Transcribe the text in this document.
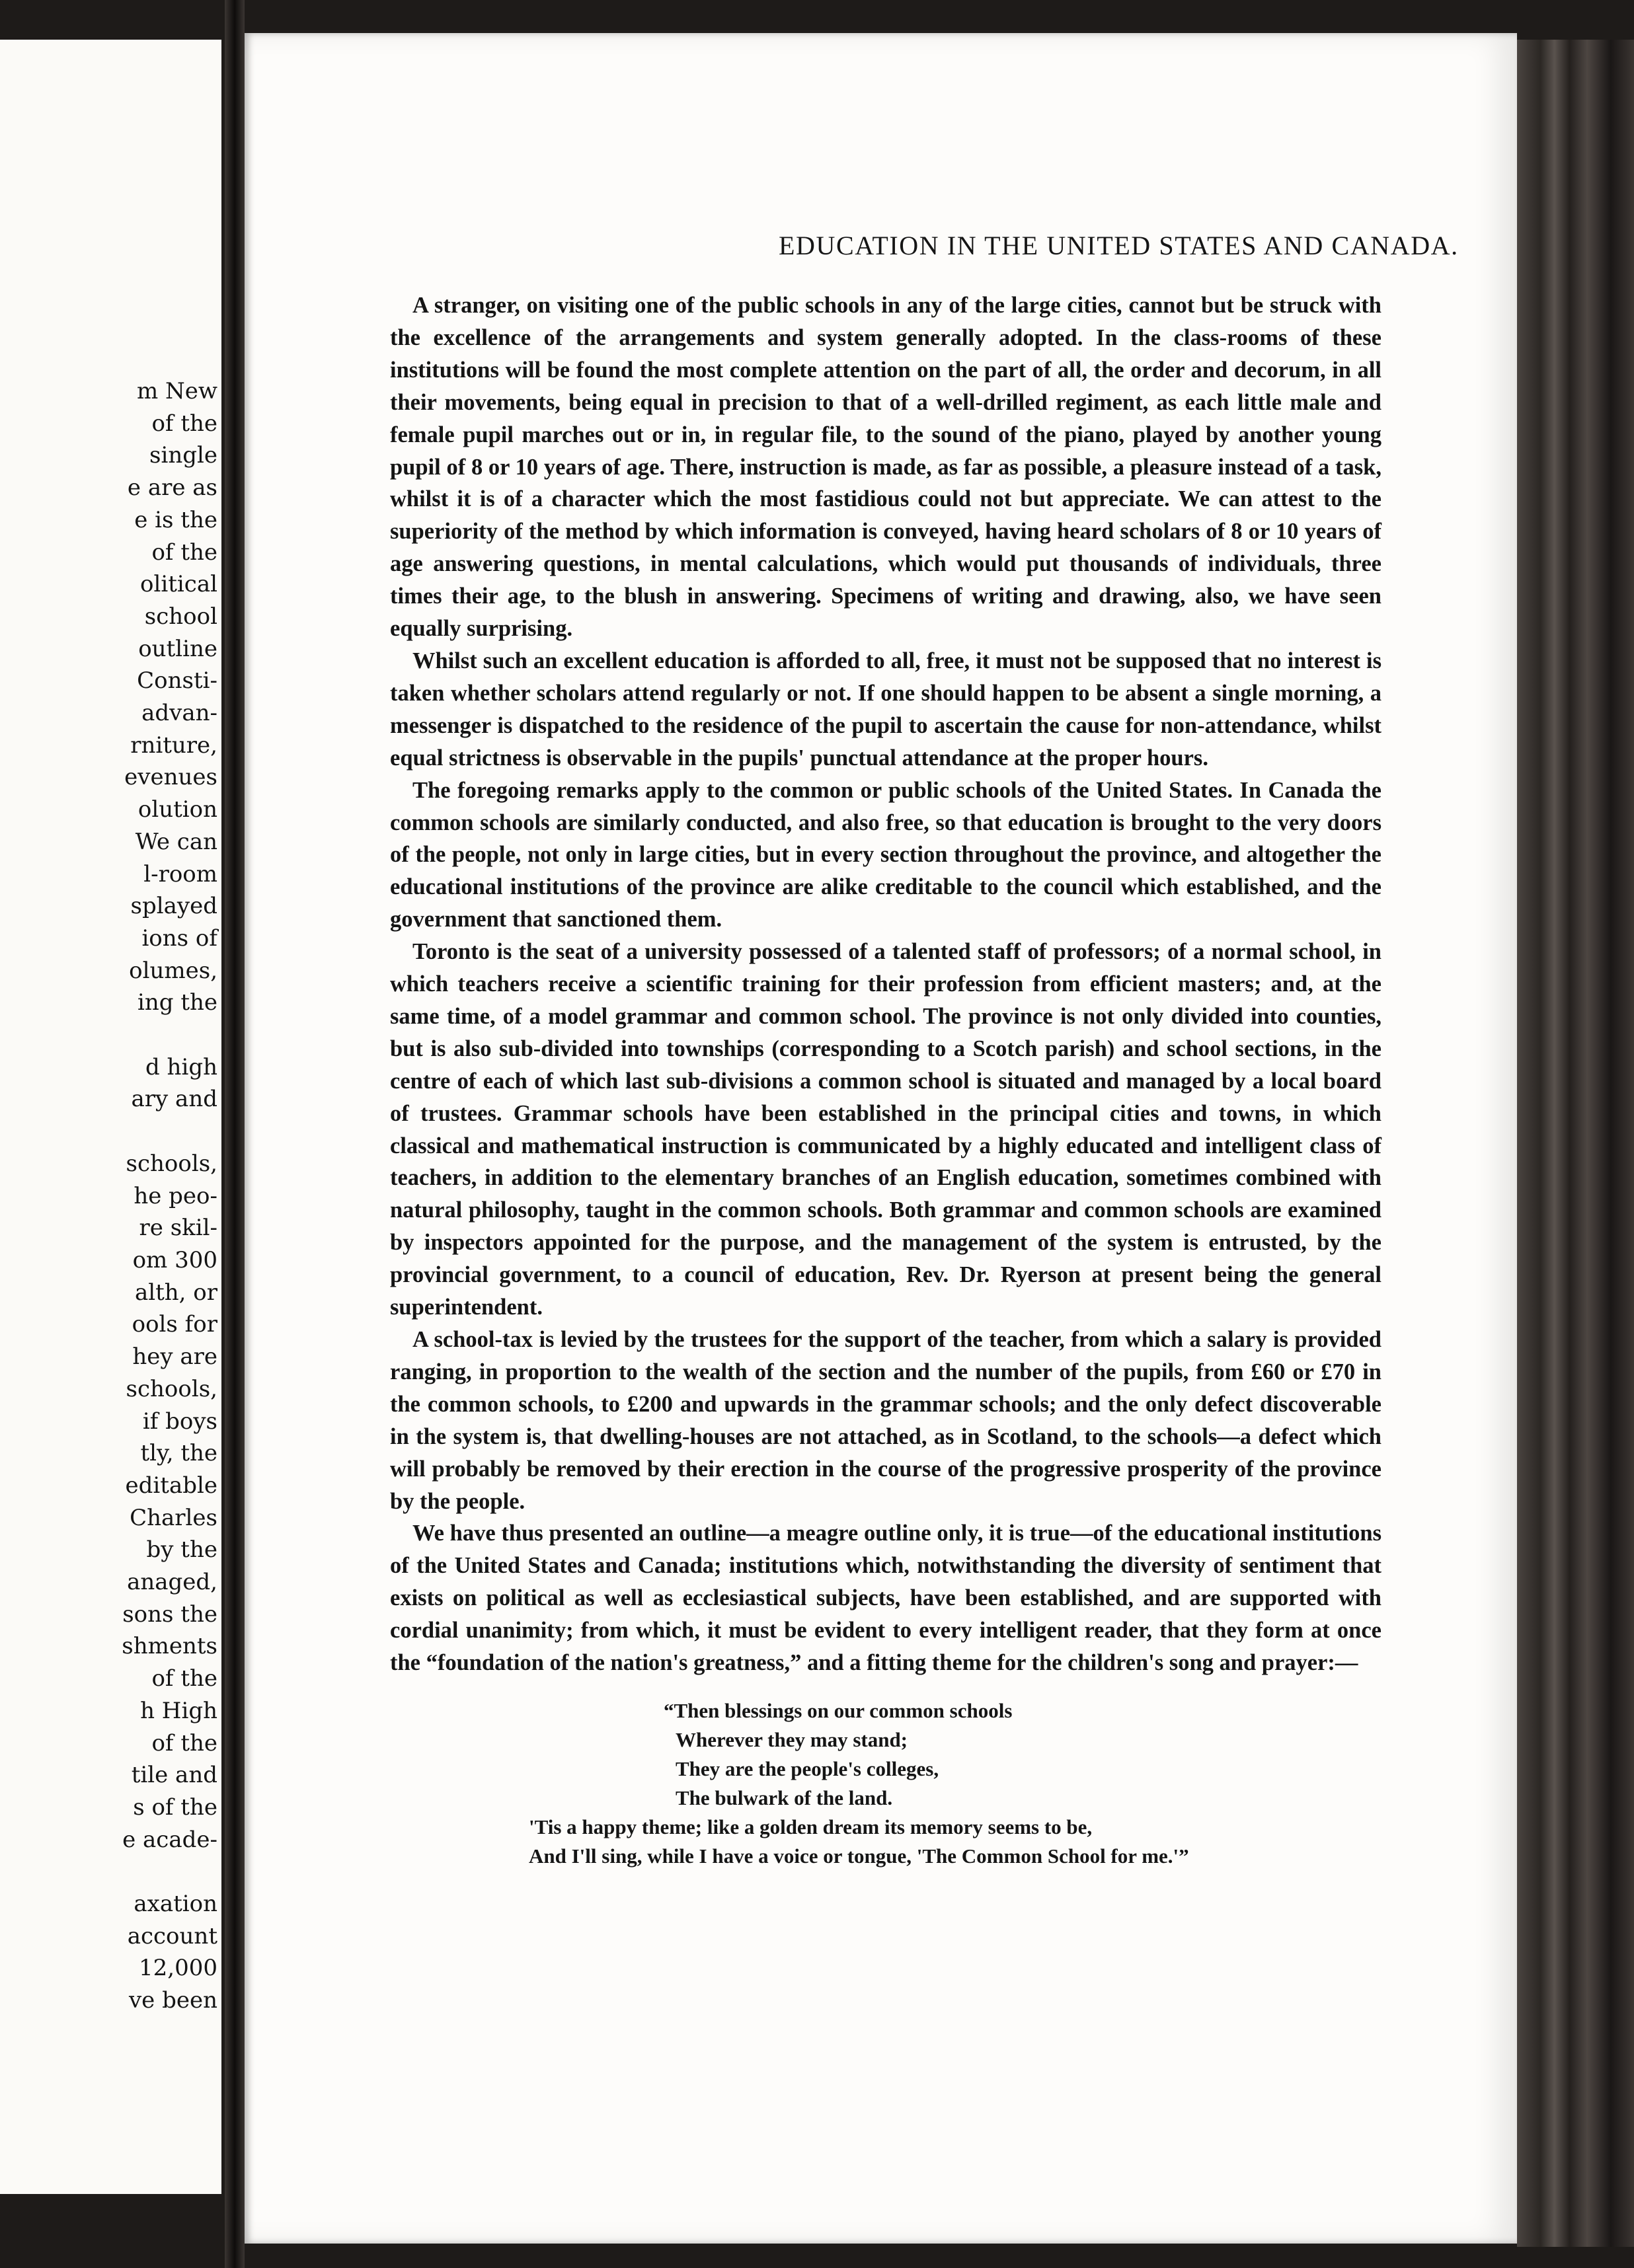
m New
of the
single
e are as
e is the
of the
olitical
school
outline
Consti-
advan-
rniture,
evenues
olution
We can
l-room
splayed
ions of
olumes,
ing the

d high
ary and

schools,
he peo-
re skil-
om 300
alth, or
ools for
hey are
schools,
if boys
tly, the
editable
Charles
by the
anaged,
sons the
shments
of the
h High
of the
tile and
s of the
e acade-

axation
account
12,000
ve been
EDUCATION IN THE UNITED STATES AND CANADA.

A stranger, on visiting one of the public schools in any of the large cities, cannot but be struck with the excellence of the arrangements and system generally adopted. In the class-rooms of these institutions will be found the most complete attention on the part of all, the order and decorum, in all their movements, being equal in precision to that of a well-drilled regiment, as each little male and female pupil marches out or in, in regular file, to the sound of the piano, played by another young pupil of 8 or 10 years of age. There, instruction is made, as far as possible, a pleasure instead of a task, whilst it is of a character which the most fastidious could not but appreciate. We can attest to the superiority of the method by which information is conveyed, having heard scholars of 8 or 10 years of age answering questions, in mental calculations, which would put thousands of individuals, three times their age, to the blush in answering. Specimens of writing and drawing, also, we have seen equally surprising.

Whilst such an excellent education is afforded to all, free, it must not be supposed that no interest is taken whether scholars attend regularly or not. If one should happen to be absent a single morning, a messenger is dispatched to the residence of the pupil to ascertain the cause for non-attendance, whilst equal strictness is observable in the pupils' punctual attendance at the proper hours.

The foregoing remarks apply to the common or public schools of the United States. In Canada the common schools are similarly conducted, and also free, so that education is brought to the very doors of the people, not only in large cities, but in every section throughout the province, and altogether the educational institutions of the province are alike creditable to the council which established, and the government that sanctioned them.

Toronto is the seat of a university possessed of a talented staff of professors; of a normal school, in which teachers receive a scientific training for their profession from efficient masters; and, at the same time, of a model grammar and common school. The province is not only divided into counties, but is also sub-divided into townships (corresponding to a Scotch parish) and school sections, in the centre of each of which last sub-divisions a common school is situated and managed by a local board of trustees. Grammar schools have been established in the principal cities and towns, in which classical and mathematical instruction is communicated by a highly educated and intelligent class of teachers, in addition to the elementary branches of an English education, sometimes combined with natural philosophy, taught in the common schools. Both grammar and common schools are examined by inspectors appointed for the purpose, and the management of the system is entrusted, by the provincial government, to a council of education, Rev. Dr. Ryerson at present being the general superintendent.

A school-tax is levied by the trustees for the support of the teacher, from which a salary is provided ranging, in proportion to the wealth of the section and the number of the pupils, from £60 or £70 in the common schools, to £200 and upwards in the grammar schools; and the only defect discoverable in the system is, that dwelling-houses are not attached, as in Scotland, to the schools—a defect which will probably be removed by their erection in the course of the progressive prosperity of the province by the people.

We have thus presented an outline—a meagre outline only, it is true—of the educational institutions of the United States and Canada; institutions which, notwithstanding the diversity of sentiment that exists on political as well as ecclesiastical subjects, have been established, and are supported with cordial unanimity; from which, it must be evident to every intelligent reader, that they form at once the “foundation of the nation's greatness,” and a fitting theme for the children's song and prayer:—

“Then blessings on our common schools
Wherever they may stand;
They are the people's colleges,
The bulwark of the land.
'Tis a happy theme; like a golden dream its memory seems to be,
And I'll sing, while I have a voice or tongue, 'The Common School for me.'”
